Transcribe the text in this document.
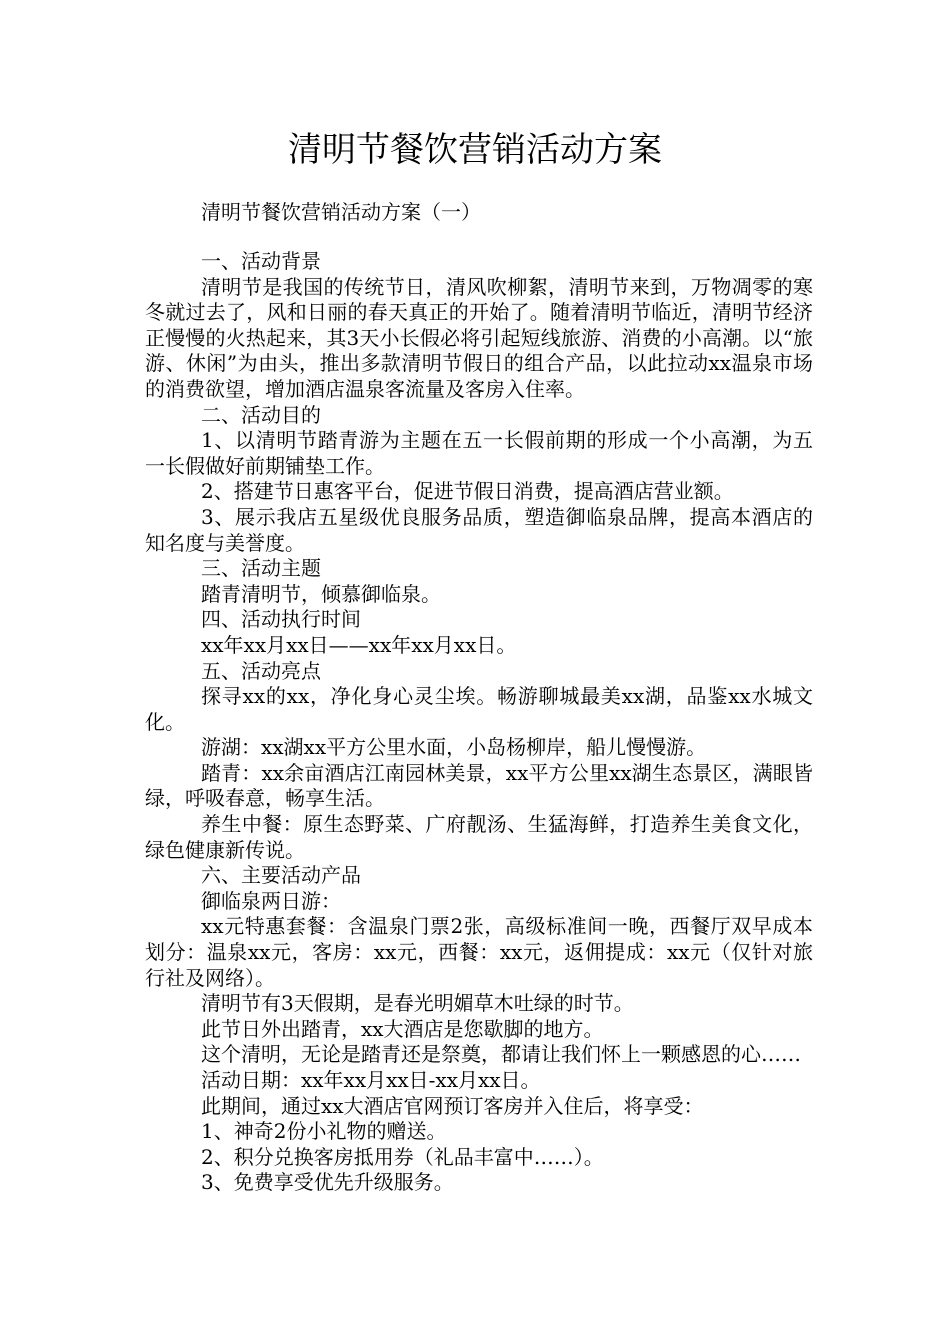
清明节餐饮营销活动方案
清明节餐饮营销活动方案（一）

一、活动背景

清明节是我国的传统节日，清风吹柳絮，清明节来到，万物凋零的寒冬就过去了，风和日丽的春天真正的开始了。随着清明节临近，清明节经济正慢慢的火热起来，其3天小长假必将引起短线旅游、消费的小高潮。以“旅游、休闲”为由头，推出多款清明节假日的组合产品，以此拉动xx温泉市场的消费欲望，增加酒店温泉客流量及客房入住率。

二、活动目的

1、以清明节踏青游为主题在五一长假前期的形成一个小高潮，为五一长假做好前期铺垫工作。

2、搭建节日惠客平台，促进节假日消费，提高酒店营业额。

3、展示我店五星级优良服务品质，塑造御临泉品牌，提高本酒店的知名度与美誉度。

三、活动主题

踏青清明节，倾慕御临泉。

四、活动执行时间

xx年xx月xx日——xx年xx月xx日。

五、活动亮点

探寻xx的xx，净化身心灵尘埃。畅游聊城最美xx湖，品鉴xx水城文化。

游湖：xx湖xx平方公里水面，小岛杨柳岸，船儿慢慢游。

踏青：xx余亩酒店江南园林美景，xx平方公里xx湖生态景区，满眼皆绿，呼吸春意，畅享生活。

养生中餐：原生态野菜、广府靓汤、生猛海鲜，打造养生美食文化，绿色健康新传说。

六、主要活动产品

御临泉两日游：

xx元特惠套餐：含温泉门票2张，高级标准间一晚，西餐厅双早成本划分：温泉xx元，客房：xx元，西餐：xx元，返佣提成：xx元（仅针对旅行社及网络）。

清明节有3天假期，是春光明媚草木吐绿的时节。

此节日外出踏青，xx大酒店是您歇脚的地方。

这个清明，无论是踏青还是祭奠，都请让我们怀上一颗感恩的心……

活动日期：xx年xx月xx日-xx月xx日。

此期间，通过xx大酒店官网预订客房并入住后，将享受：

1、神奇2份小礼物的赠送。

2、积分兑换客房抵用券（礼品丰富中……）。

3、免费享受优先升级服务。
